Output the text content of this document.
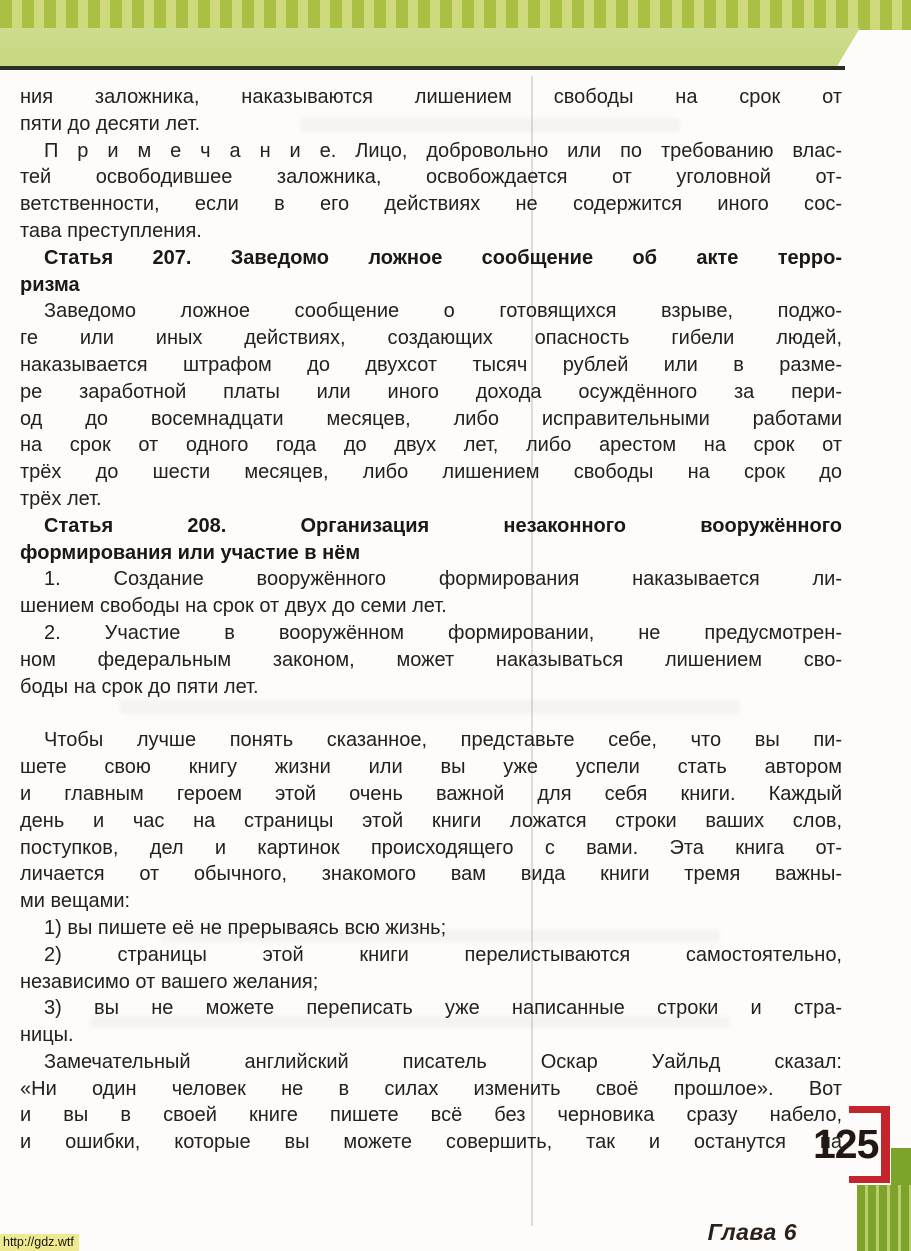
Глава 6
ния заложника, наказываются лишением свободы на срок от
пяти до десяти лет.
П р и м е ч а н и е. Лицо, добровольно или по требованию влас-
тей освободившее заложника, освобождается от уголовной от-
ветственности, если в его действиях не содержится иного сос-
тава преступления.
Статья 207. Заведомо ложное сообщение об акте терро-
ризма
Заведомо ложное сообщение о готовящихся взрыве, поджо-
ге или иных действиях, создающих опасность гибели людей,
наказывается штрафом до двухсот тысяч рублей или в разме-
ре заработной платы или иного дохода осуждённого за пери-
од до восемнадцати месяцев, либо исправительными работами
на срок от одного года до двух лет, либо арестом на срок от
трёх до шести месяцев, либо лишением свободы на срок до
трёх лет.
Статья 208. Организация незаконного вооружённого
формирования или участие в нём
1. Создание вооружённого формирования наказывается ли-
шением свободы на срок от двух до семи лет.
2. Участие в вооружённом формировании, не предусмотрен-
ном федеральным законом, может наказываться лишением сво-
боды на срок до пяти лет.
Чтобы лучше понять сказанное, представьте себе, что вы пи-
шете свою книгу жизни или вы уже успели стать автором
и главным героем этой очень важной для себя книги. Каждый
день и час на страницы этой книги ложатся строки ваших слов,
поступков, дел и картинок происходящего с вами. Эта книга от-
личается от обычного, знакомого вам вида книги тремя важны-
ми вещами:
1) вы пишете её не прерываясь всю жизнь;
2) страницы этой книги перелистываются самостоятельно,
независимо от вашего желания;
3) вы не можете переписать уже написанные строки и стра-
ницы.
Замечательный английский писатель Оскар Уайльд сказал:
«Ни один человек не в силах изменить своё прошлое». Вот
и вы в своей книге пишете всё без черновика сразу набело,
и ошибки, которые вы можете совершить, так и останутся на
125
http://gdz.wtf
